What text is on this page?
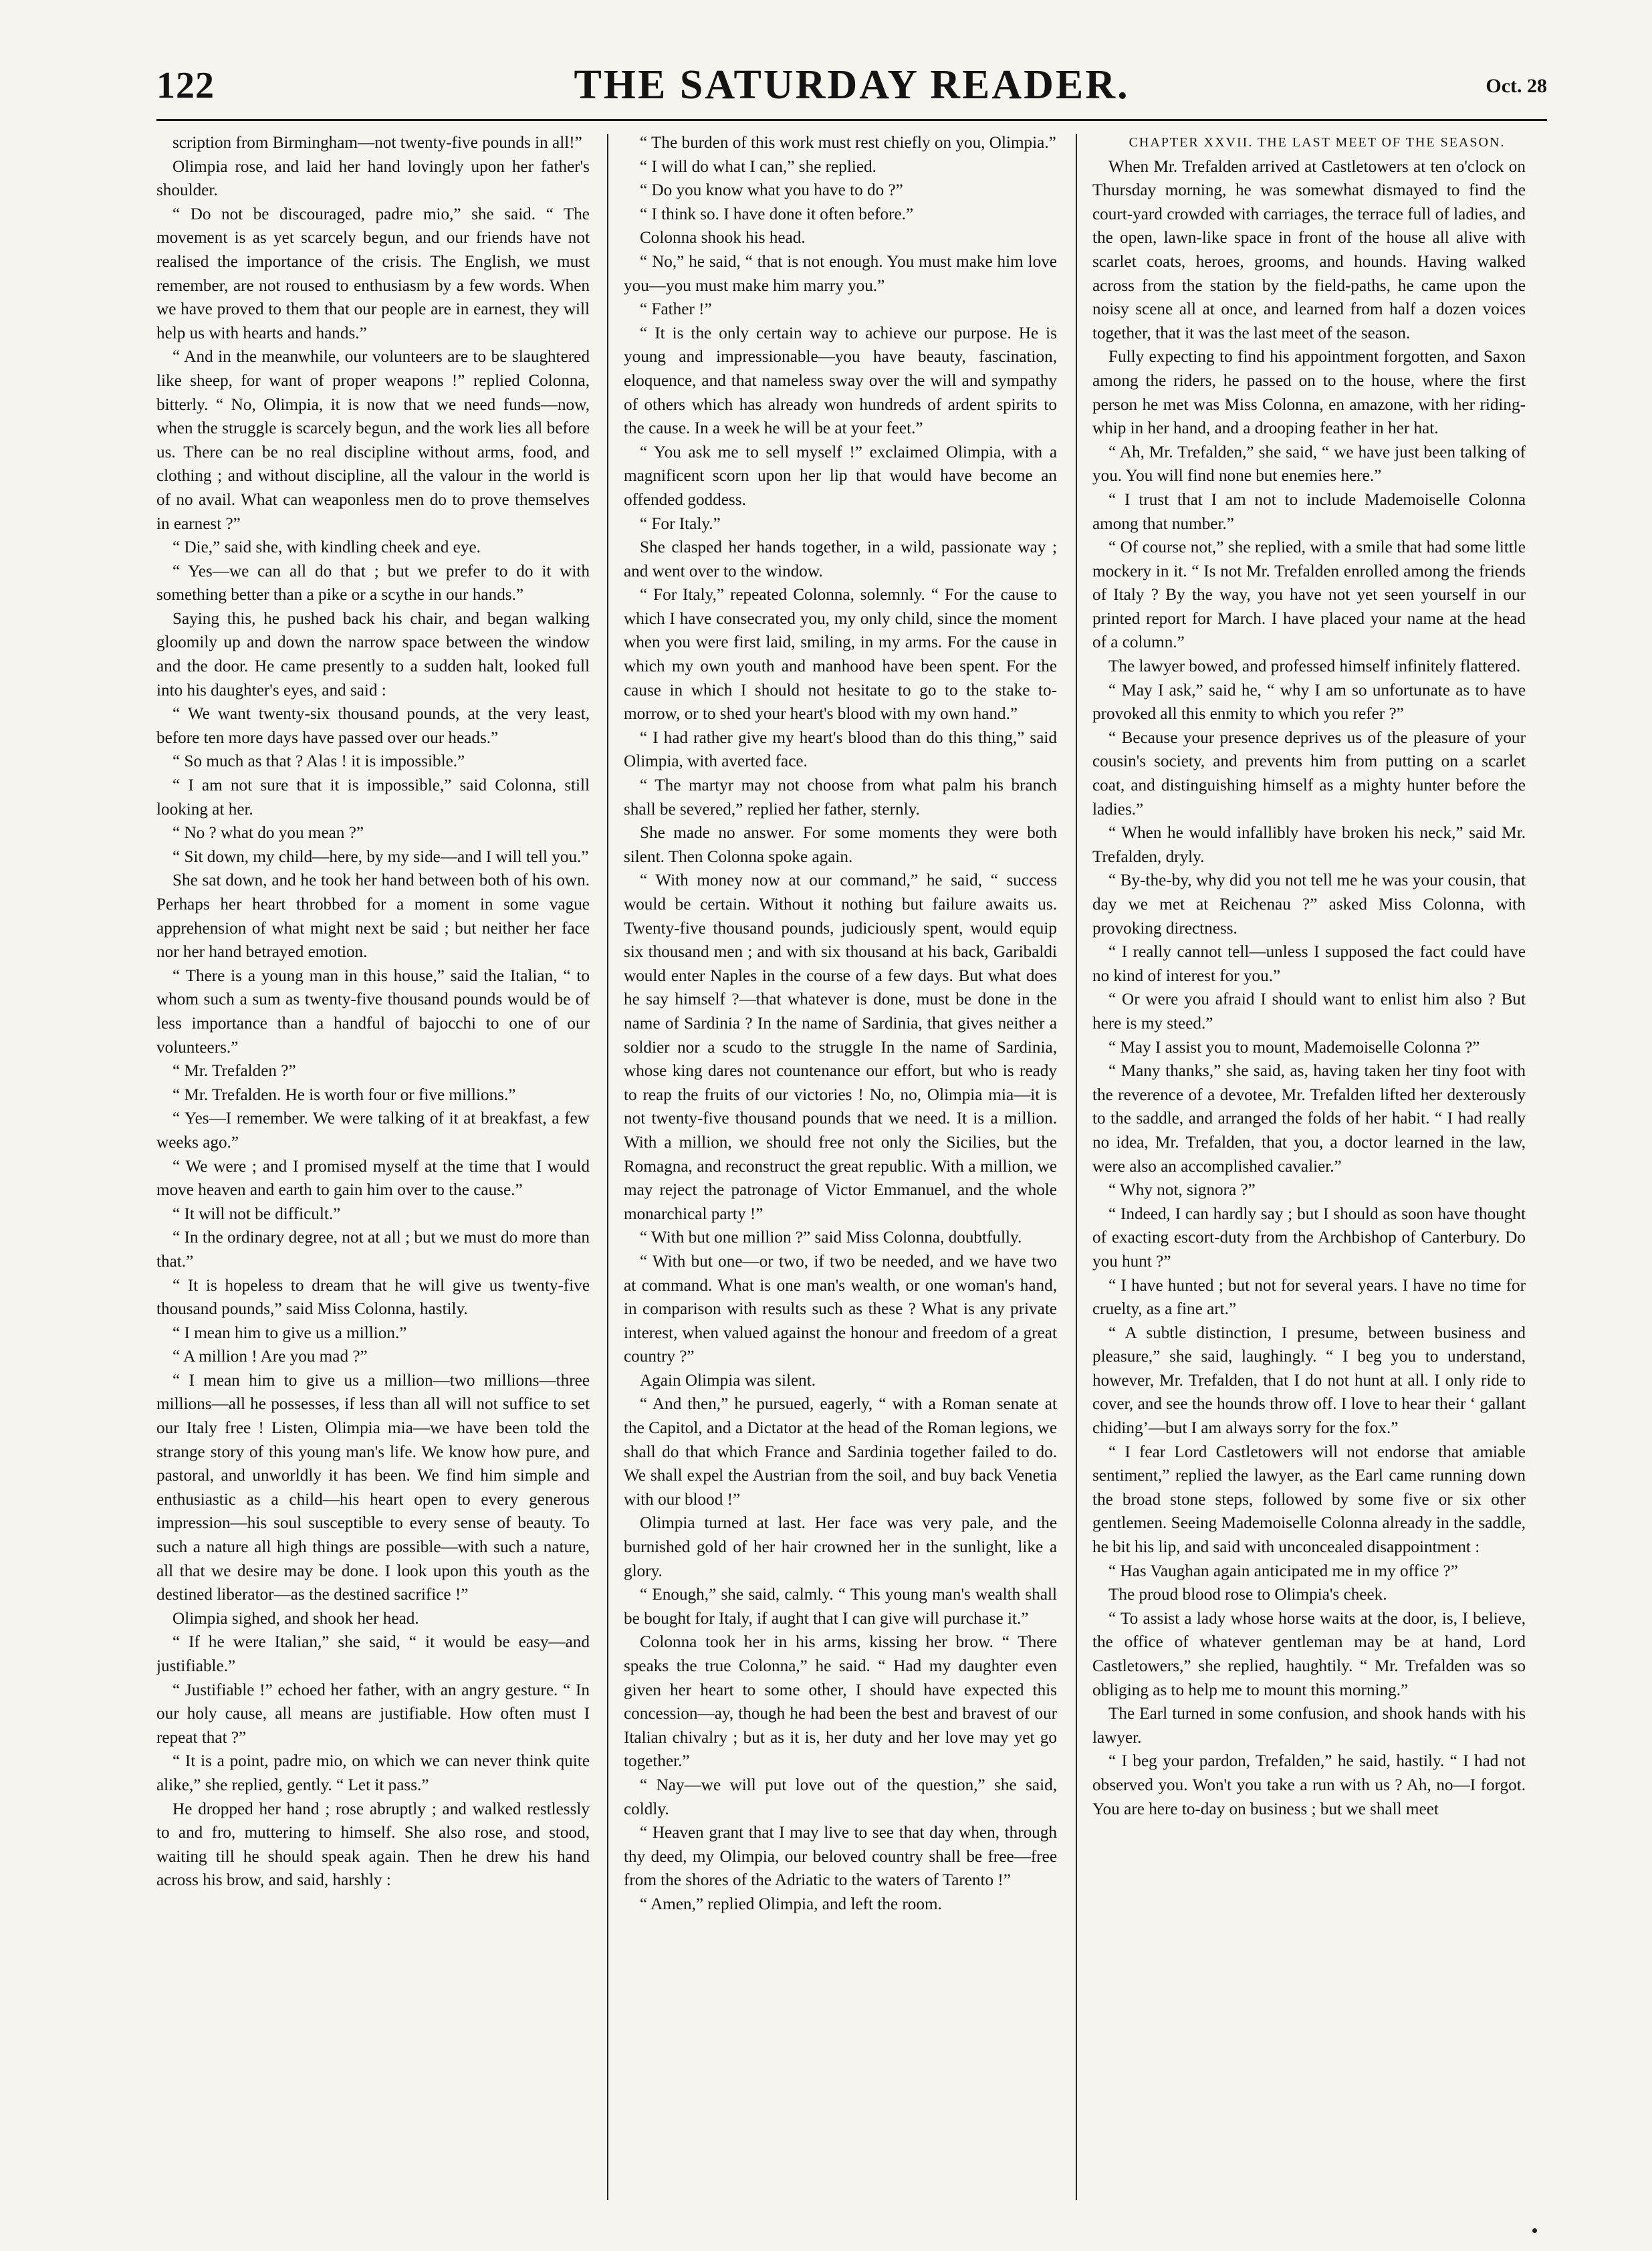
122	THE SATURDAY READER.	Oct. 28

scription from Birmingham—not twenty-five pounds in all!”

Olimpia rose, and laid her hand lovingly upon her father's shoulder.

“ Do not be discouraged, padre mio,” she said. “ The movement is as yet scarcely begun, and our friends have not realised the importance of the crisis. The English, we must remember, are not roused to enthusiasm by a few words. When we have proved to them that our people are in earnest, they will help us with hearts and hands.”

“ And in the meanwhile, our volunteers are to be slaughtered like sheep, for want of proper weapons !” replied Colonna, bitterly. “ No, Olimpia, it is now that we need funds—now, when the struggle is scarcely begun, and the work lies all before us. There can be no real discipline without arms, food, and clothing ; and without discipline, all the valour in the world is of no avail. What can weaponless men do to prove themselves in earnest ?”

“ Die,” said she, with kindling cheek and eye.

“ Yes—we can all do that ; but we prefer to do it with something better than a pike or a scythe in our hands.”

Saying this, he pushed back his chair, and began walking gloomily up and down the narrow space between the window and the door. He came presently to a sudden halt, looked full into his daughter's eyes, and said :

“ We want twenty-six thousand pounds, at the very least, before ten more days have passed over our heads.”

“ So much as that ? Alas ! it is impossible.”

“ I am not sure that it is impossible,” said Colonna, still looking at her.

“ No ? what do you mean ?”

“ Sit down, my child—here, by my side—and I will tell you.”

She sat down, and he took her hand between both of his own. Perhaps her heart throbbed for a moment in some vague apprehension of what might next be said ; but neither her face nor her hand betrayed emotion.

“ There is a young man in this house,” said the Italian, “ to whom such a sum as twenty-five thousand pounds would be of less importance than a handful of bajocchi to one of our volunteers.”

“ Mr. Trefalden ?”

“ Mr. Trefalden. He is worth four or five millions.”

“ Yes—I remember. We were talking of it at breakfast, a few weeks ago.”

“ We were ; and I promised myself at the time that I would move heaven and earth to gain him over to the cause.”

“ It will not be difficult.”

“ In the ordinary degree, not at all ; but we must do more than that.”

“ It is hopeless to dream that he will give us twenty-five thousand pounds,” said Miss Colonna, hastily.

“ I mean him to give us a million.”

“ A million ! Are you mad ?”

“ I mean him to give us a million—two millions—three millions—all he possesses, if less than all will not suffice to set our Italy free ! Listen, Olimpia mia—we have been told the strange story of this young man's life. We know how pure, and pastoral, and unworldly it has been. We find him simple and enthusiastic as a child—his heart open to every generous impression—his soul susceptible to every sense of beauty. To such a nature all high things are possible—with such a nature, all that we desire may be done. I look upon this youth as the destined liberator—as the destined sacrifice !”

Olimpia sighed, and shook her head.

“ If he were Italian,” she said, “ it would be easy—and justifiable.”

“ Justifiable !” echoed her father, with an angry gesture. “ In our holy cause, all means are justifiable. How often must I repeat that ?”

“ It is a point, padre mio, on which we can never think quite alike,” she replied, gently. “ Let it pass.”

He dropped her hand ; rose abruptly ; and walked restlessly to and fro, muttering to himself. She also rose, and stood, waiting till he should speak again. Then he drew his hand across his brow, and said, harshly :

“ The burden of this work must rest chiefly on you, Olimpia.”

“ I will do what I can,” she replied.

“ Do you know what you have to do ?”

“ I think so. I have done it often before.”

Colonna shook his head.

“ No,” he said, “ that is not enough. You must make him love you—you must make him marry you.”

“ Father !”

“ It is the only certain way to achieve our purpose. He is young and impressionable—you have beauty, fascination, eloquence, and that nameless sway over the will and sympathy of others which has already won hundreds of ardent spirits to the cause. In a week he will be at your feet.”

“ You ask me to sell myself !” exclaimed Olimpia, with a magnificent scorn upon her lip that would have become an offended goddess.

“ For Italy.”

She clasped her hands together, in a wild, passionate way ; and went over to the window.

“ For Italy,” repeated Colonna, solemnly. “ For the cause to which I have consecrated you, my only child, since the moment when you were first laid, smiling, in my arms. For the cause in which my own youth and manhood have been spent. For the cause in which I should not hesitate to go to the stake to-morrow, or to shed your heart's blood with my own hand.”

“ I had rather give my heart's blood than do this thing,” said Olimpia, with averted face.

“ The martyr may not choose from what palm his branch shall be severed,” replied her father, sternly.

She made no answer. For some moments they were both silent. Then Colonna spoke again.

“ With money now at our command,” he said, “ success would be certain. Without it nothing but failure awaits us. Twenty-five thousand pounds, judiciously spent, would equip six thousand men ; and with six thousand at his back, Garibaldi would enter Naples in the course of a few days. But what does he say himself ?—that whatever is done, must be done in the name of Sardinia ? In the name of Sardinia, that gives neither a soldier nor a scudo to the struggle In the name of Sardinia, whose king dares not countenance our effort, but who is ready to reap the fruits of our victories ! No, no, Olimpia mia—it is not twenty-five thousand pounds that we need. It is a million. With a million, we should free not only the Sicilies, but the Romagna, and reconstruct the great republic. With a million, we may reject the patronage of Victor Emmanuel, and the whole monarchical party !”

“ With but one million ?” said Miss Colonna, doubtfully.

“ With but one—or two, if two be needed, and we have two at command. What is one man's wealth, or one woman's hand, in comparison with results such as these ? What is any private interest, when valued against the honour and freedom of a great country ?”

Again Olimpia was silent.

“ And then,” he pursued, eagerly, “ with a Roman senate at the Capitol, and a Dictator at the head of the Roman legions, we shall do that which France and Sardinia together failed to do. We shall expel the Austrian from the soil, and buy back Venetia with our blood !”

Olimpia turned at last. Her face was very pale, and the burnished gold of her hair crowned her in the sunlight, like a glory.

“ Enough,” she said, calmly. “ This young man's wealth shall be bought for Italy, if aught that I can give will purchase it.”

Colonna took her in his arms, kissing her brow. “ There speaks the true Colonna,” he said. “ Had my daughter even given her heart to some other, I should have expected this concession—ay, though he had been the best and bravest of our Italian chivalry ; but as it is, her duty and her love may yet go together.”

“ Nay—we will put love out of the question,” she said, coldly.

“ Heaven grant that I may live to see that day when, through thy deed, my Olimpia, our beloved country shall be free—free from the shores of the Adriatic to the waters of Tarento !”

“ Amen,” replied Olimpia, and left the room.

CHAPTER XXVII. THE LAST MEET OF THE SEASON.

When Mr. Trefalden arrived at Castletowers at ten o'clock on Thursday morning, he was somewhat dismayed to find the court-yard crowded with carriages, the terrace full of ladies, and the open, lawn-like space in front of the house all alive with scarlet coats, heroes, grooms, and hounds. Having walked across from the station by the field-paths, he came upon the noisy scene all at once, and learned from half a dozen voices together, that it was the last meet of the season.

Fully expecting to find his appointment forgotten, and Saxon among the riders, he passed on to the house, where the first person he met was Miss Colonna, en amazone, with her riding-whip in her hand, and a drooping feather in her hat.

“ Ah, Mr. Trefalden,” she said, “ we have just been talking of you. You will find none but enemies here.”

“ I trust that I am not to include Mademoiselle Colonna among that number.”

“ Of course not,” she replied, with a smile that had some little mockery in it. “ Is not Mr. Trefalden enrolled among the friends of Italy ? By the way, you have not yet seen yourself in our printed report for March. I have placed your name at the head of a column.”

The lawyer bowed, and professed himself infinitely flattered.

“ May I ask,” said he, “ why I am so unfortunate as to have provoked all this enmity to which you refer ?”

“ Because your presence deprives us of the pleasure of your cousin's society, and prevents him from putting on a scarlet coat, and distinguishing himself as a mighty hunter before the ladies.”

“ When he would infallibly have broken his neck,” said Mr. Trefalden, dryly.

“ By-the-by, why did you not tell me he was your cousin, that day we met at Reichenau ?” asked Miss Colonna, with provoking directness.

“ I really cannot tell—unless I supposed the fact could have no kind of interest for you.”

“ Or were you afraid I should want to enlist him also ? But here is my steed.”

“ May I assist you to mount, Mademoiselle Colonna ?”

“ Many thanks,” she said, as, having taken her tiny foot with the reverence of a devotee, Mr. Trefalden lifted her dexterously to the saddle, and arranged the folds of her habit. “ I had really no idea, Mr. Trefalden, that you, a doctor learned in the law, were also an accomplished cavalier.”

“ Why not, signora ?”

“ Indeed, I can hardly say ; but I should as soon have thought of exacting escort-duty from the Archbishop of Canterbury. Do you hunt ?”

“ I have hunted ; but not for several years. I have no time for cruelty, as a fine art.”

“ A subtle distinction, I presume, between business and pleasure,” she said, laughingly. “ I beg you to understand, however, Mr. Trefalden, that I do not hunt at all. I only ride to cover, and see the hounds throw off. I love to hear their ‘ gallant chiding’—but I am always sorry for the fox.”

“ I fear Lord Castletowers will not endorse that amiable sentiment,” replied the lawyer, as the Earl came running down the broad stone steps, followed by some five or six other gentlemen. Seeing Mademoiselle Colonna already in the saddle, he bit his lip, and said with unconcealed disappointment :

“ Has Vaughan again anticipated me in my office ?”

The proud blood rose to Olimpia's cheek.

“ To assist a lady whose horse waits at the door, is, I believe, the office of whatever gentleman may be at hand, Lord Castletowers,” she replied, haughtily. “ Mr. Trefalden was so obliging as to help me to mount this morning.”

The Earl turned in some confusion, and shook hands with his lawyer.

“ I beg your pardon, Trefalden,” he said, hastily. “ I had not observed you. Won't you take a run with us ? Ah, no—I forgot. You are here to-day on business ; but we shall meet
